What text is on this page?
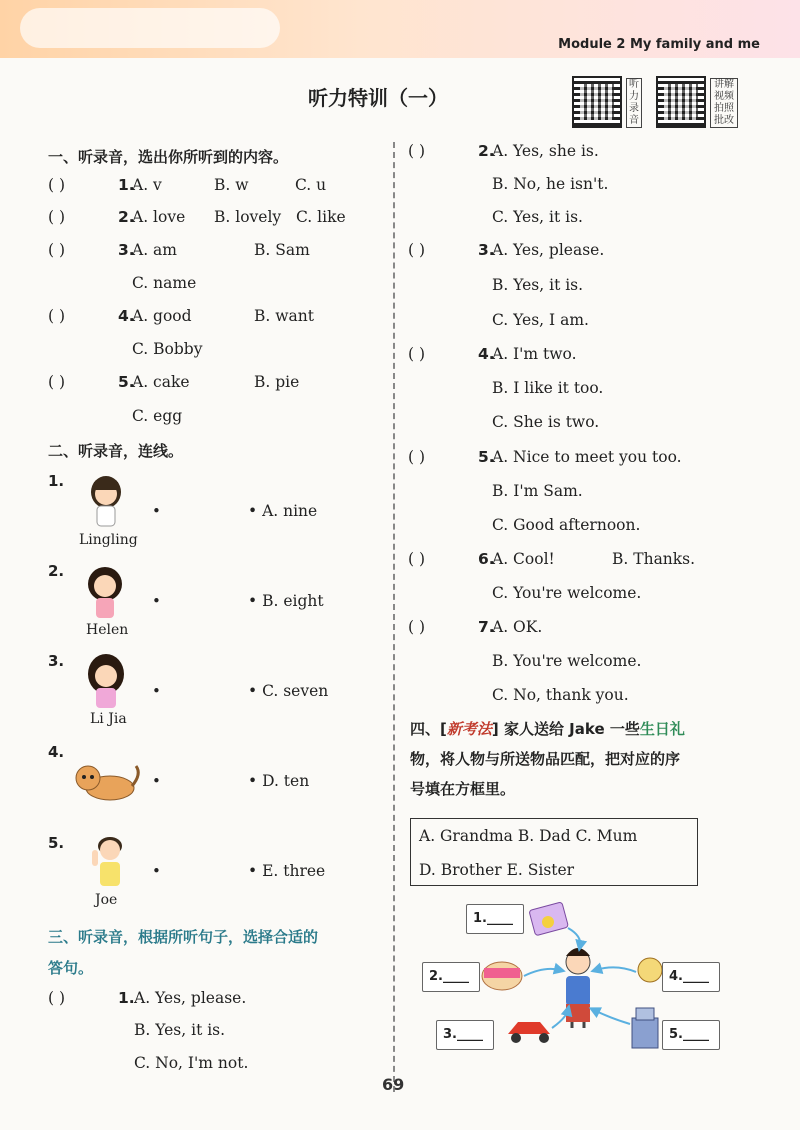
Module 2 My family and me
听力特训（一）
听力录音
讲解视频拍照批改
一、听录音，选出你所听到的内容。
( )	1.
A. v	B. w	C. u
( )	2.
A. love B. lovely C. like
( )	3.
A. am	B. Sam
C. name
( )	4.
A. good	B. want
C. Bobby
( )	5.
A. cake	B. pie
C. egg
二、听录音，连线。
1.
Lingling
•	• A. nine
2.
Helen
•	• B. eight
3.
Li Jia
•	• C. seven
4.
•	• D. ten
5.
Joe
•	• E. three
三、听录音，根据所听句子，选择合适的
答句。
( )	1. A. Yes, please.
B. Yes, it is.
C. No, I'm not.
( )	2.
A. Yes, she is.
B. No, he isn't.
C. Yes, it is.
( )	3.
A. Yes, please.
B. Yes, it is.
C. Yes, I am.
( )	4.
A. I'm two.
B. I like it too.
C. She is two.
( )	5.
A. Nice to meet you too.
B. I'm Sam.
C. Good afternoon.
( )	6.
A. Cool!	B. Thanks.
C. You're welcome.
( )	7.
A. OK.
B. You're welcome.
C. No, thank you.
四、[新考法] 家人送给 Jake 一些生日礼
物，将人物与所送物品匹配，把对应的序
号填在方框里。
A. Grandma B. Dad C. Mum
D. Brother E. Sister
1.____
2.____
3.____
4.____
5.____
69
